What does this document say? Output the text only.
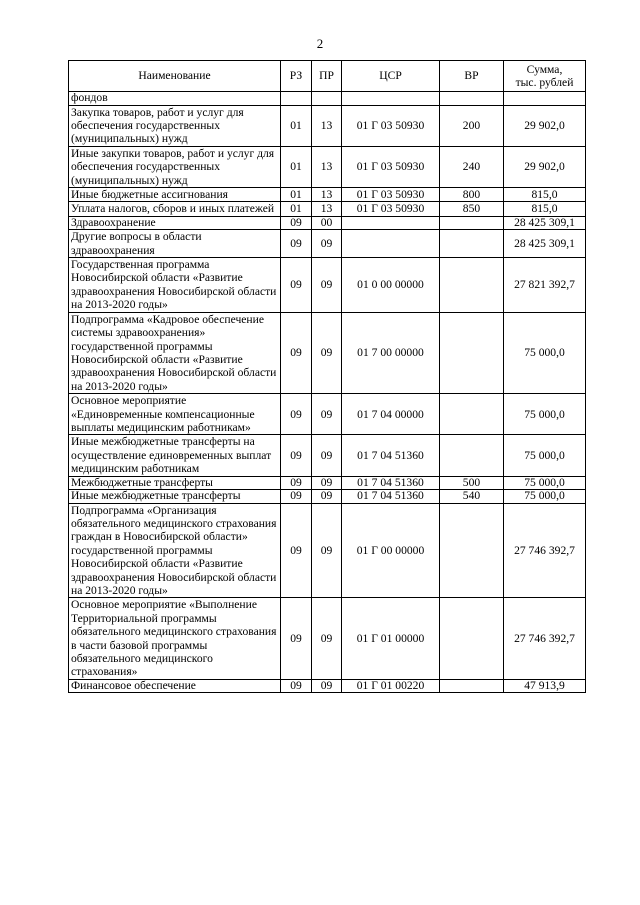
2
Наименование	РЗ	ПР	ЦСР	ВР	Сумма,
тыс. рублей

фондов					
Закупка товаров, работ и услуг для обеспечения государственных (муниципальных) нужд	01	13	01 Г 03 50930	200	29 902,0
Иные закупки товаров, работ и услуг для обеспечения государственных (муниципальных) нужд	01	13	01 Г 03 50930	240	29 902,0
Иные бюджетные ассигнования	01	13	01 Г 03 50930	800	815,0
Уплата налогов, сборов и иных платежей	01	13	01 Г 03 50930	850	815,0
Здравоохранение	09	00			28 425 309,1
Другие вопросы в области здравоохранения	09	09			28 425 309,1
Государственная программа Новосибирской области «Развитие здравоохранения Новосибирской области на 2013-2020 годы»	09	09	01 0 00 00000		27 821 392,7
Подпрограмма «Кадровое обеспечение системы здравоохранения» государственной программы Новосибирской области «Развитие здравоохранения Новосибирской области на 2013-2020 годы»	09	09	01 7 00 00000		75 000,0
Основное мероприятие «Единовременные компенсационные выплаты медицинским работникам»	09	09	01 7 04 00000		75 000,0
Иные межбюджетные трансферты на осуществление единовременных выплат медицинским работникам	09	09	01 7 04 51360		75 000,0
Межбюджетные трансферты	09	09	01 7 04 51360	500	75 000,0
Иные межбюджетные трансферты	09	09	01 7 04 51360	540	75 000,0
Подпрограмма «Организация обязательного медицинского страхования граждан в Новосибирской области» государственной программы Новосибирской области «Развитие здравоохранения Новосибирской области на 2013-2020 годы»	09	09	01 Г 00 00000		27 746 392,7
Основное мероприятие «Выполнение Территориальной программы обязательного медицинского страхования в части базовой программы обязательного медицинского страхования»	09	09	01 Г 01 00000		27 746 392,7
Финансовое обеспечение	09	09	01 Г 01 00220		47 913,9
